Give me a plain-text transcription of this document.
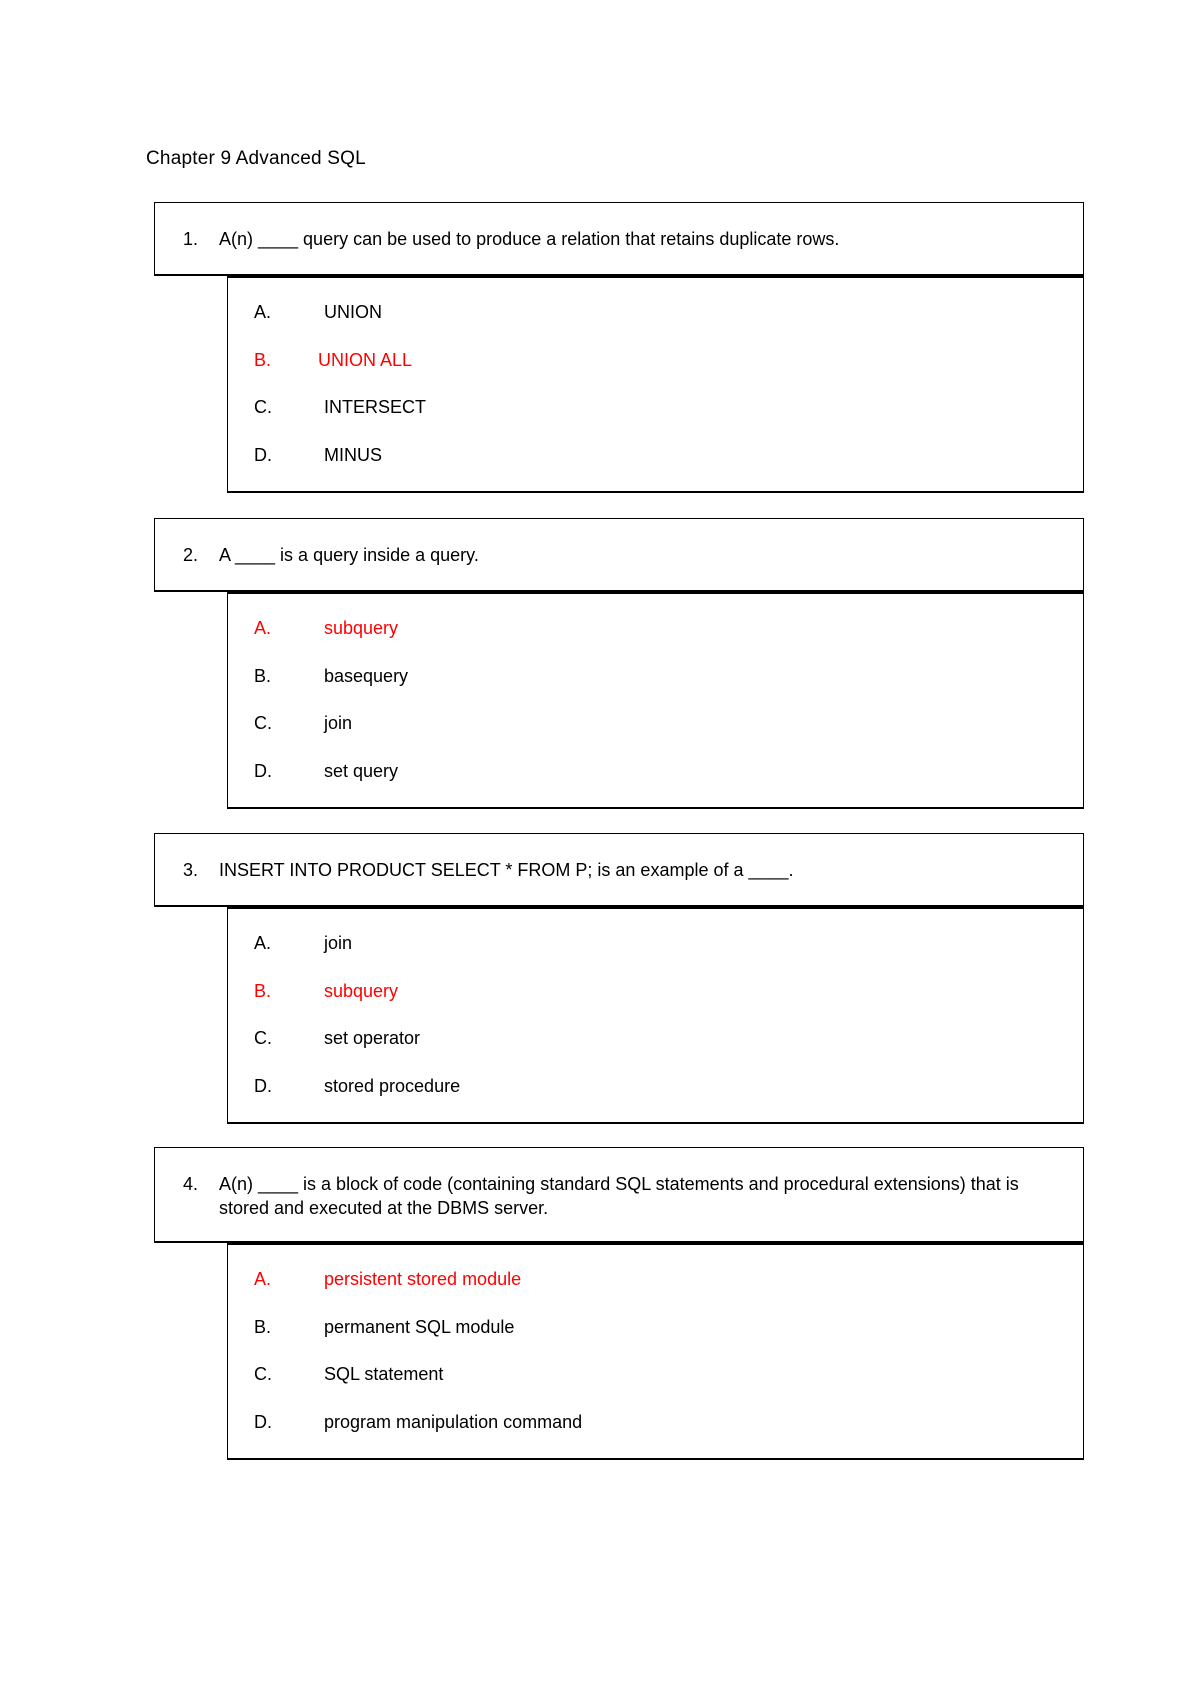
Chapter 9 Advanced SQL
1. A(n) ____ query can be used to produce a relation that retains duplicate rows.
A.	UNION
B.	UNION ALL
C.	INTERSECT
D.	MINUS
2. A ____ is a query inside a query.
A.	subquery
B.	basequery
C.	join
D.	set query
3. INSERT INTO PRODUCT SELECT * FROM P; is an example of a ____.
A.	join
B.	subquery
C.	set operator
D.	stored procedure
4. A(n) ____ is a block of code (containing standard SQL statements and procedural extensions) that is stored and executed at the DBMS server.
A.	persistent stored module
B.	permanent SQL module
C.	SQL statement
D.	program manipulation command
